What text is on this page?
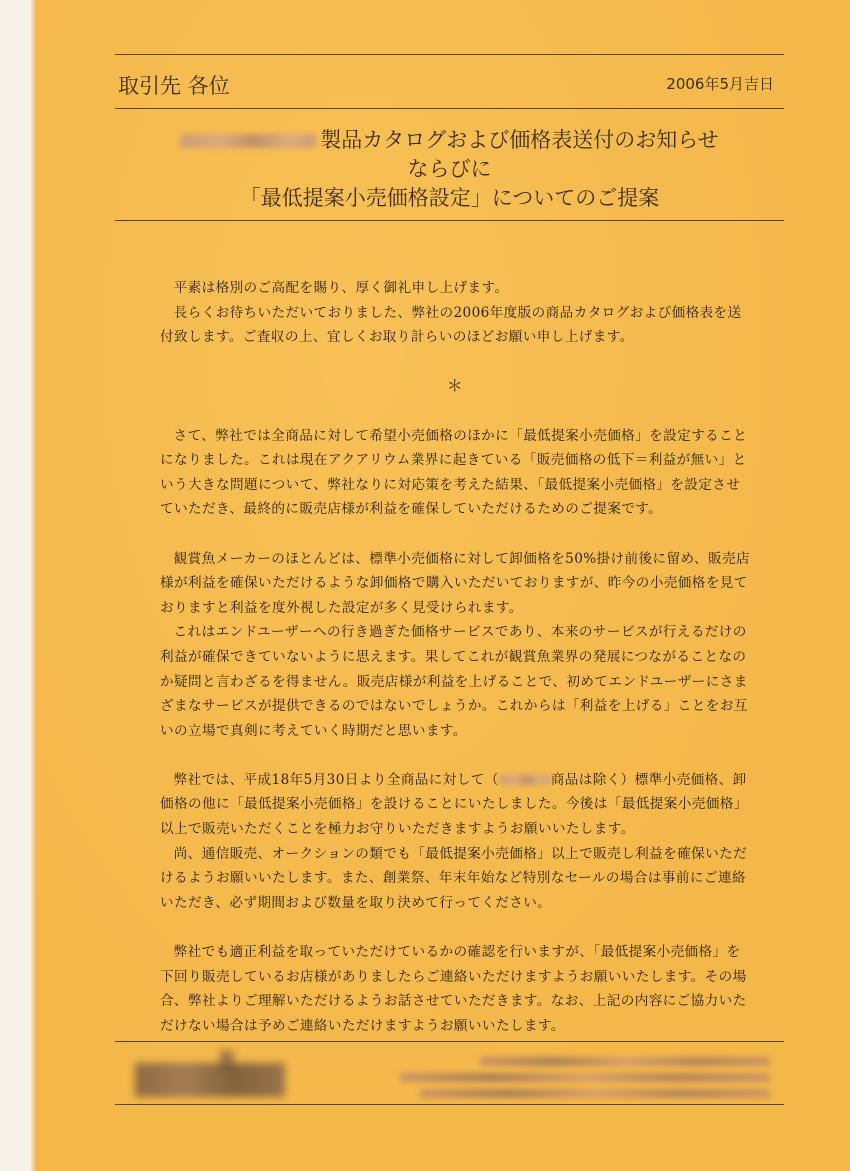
取引先 各位	2006年5月吉日
製品カタログおよび価格表送付のお知らせ
ならびに
「最低提案小売価格設定」についてのご提案

平素は格別のご高配を賜り、厚く御礼申し上げます。

長らくお待ちいただいておりました、弊社の2006年度版の商品カタログおよび価格表を送付致します。ご査収の上、宜しくお取り計らいのほどお願い申し上げます。

＊

さて、弊社では全商品に対して希望小売価格のほかに「最低提案小売価格」を設定することになりました。これは現在アクアリウム業界に起きている「販売価格の低下＝利益が無い」という大きな問題について、弊社なりに対応策を考えた結果、「最低提案小売価格」を設定させていただき、最終的に販売店様が利益を確保していただけるためのご提案です。

観賞魚メーカーのほとんどは、標準小売価格に対して卸価格を50%掛け前後に留め、販売店様が利益を確保いただけるような卸価格で購入いただいておりますが、昨今の小売価格を見ておりますと利益を度外視した設定が多く見受けられます。

これはエンドユーザーへの行き過ぎた価格サービスであり、本来のサービスが行えるだけの利益が確保できていないように思えます。果してこれが観賞魚業界の発展につながることなのか疑問と言わざるを得ません。販売店様が利益を上げることで、初めてエンドユーザーにさまざまなサービスが提供できるのではないでしょうか。これからは「利益を上げる」ことをお互いの立場で真剣に考えていく時期だと思います。

弊社では、平成18年5月30日より全商品に対して（	商品は除く）標準小売価格、卸価格の他に「最低提案小売価格」を設けることにいたしました。今後は「最低提案小売価格」以上で販売いただくことを極力お守りいただきますようお願いいたします。

尚、通信販売、オークションの類でも「最低提案小売価格」以上で販売し利益を確保いただけるようお願いいたします。また、創業祭、年末年始など特別なセールの場合は事前にご連絡いただき、必ず期間および数量を取り決めて行ってください。

弊社でも適正利益を取っていただけているかの確認を行いますが、「最低提案小売価格」を下回り販売しているお店様がありましたらご連絡いただけますようお願いいたします。その場合、弊社よりご理解いただけるようお話させていただきます。なお、上記の内容にご協力いただけない場合は予めご連絡いただけますようお願いいたします。
